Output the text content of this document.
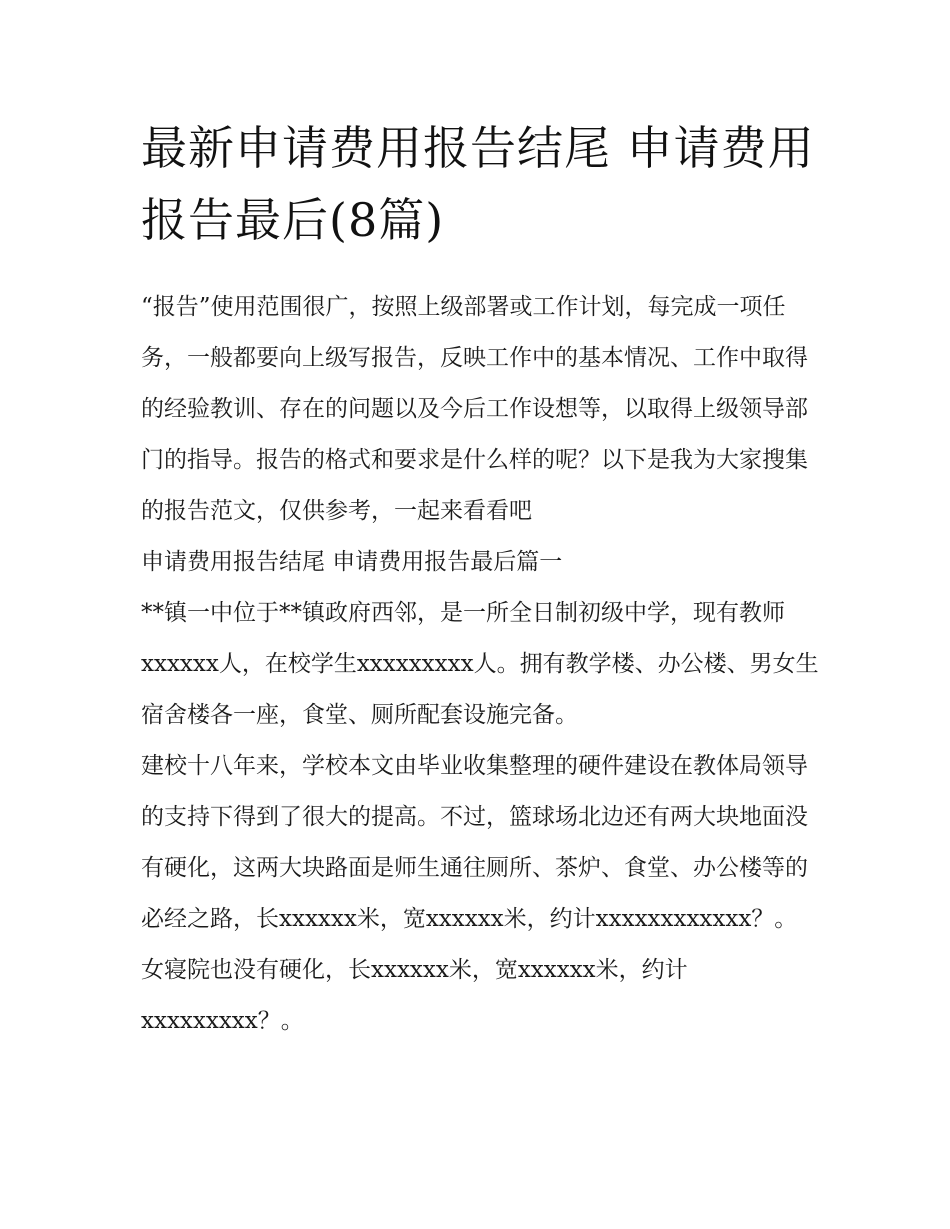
最新申请费用报告结尾 申请费用报告最后(8篇)

“报告”使用范围很广，按照上级部署或工作计划，每完成一项任务，一般都要向上级写报告，反映工作中的基本情况、工作中取得的经验教训、存在的问题以及今后工作设想等，以取得上级领导部门的指导。报告的格式和要求是什么样的呢？以下是我为大家搜集的报告范文，仅供参考，一起来看看吧

申请费用报告结尾 申请费用报告最后篇一

**镇一中位于**镇政府西邻，是一所全日制初级中学，现有教师xxxxxx人，在校学生xxxxxxxxx人。拥有教学楼、办公楼、男女生宿舍楼各一座，食堂、厕所配套设施完备。

建校十八年来，学校本文由毕业收集整理的硬件建设在教体局领导的支持下得到了很大的提高。不过，篮球场北边还有两大块地面没有硬化，这两大块路面是师生通往厕所、茶炉、食堂、办公楼等的必经之路，长xxxxxx米，宽xxxxxx米，约计xxxxxxxxxxxx？。

女寝院也没有硬化，长xxxxxx米，宽xxxxxx米，约计xxxxxxxxx？。
